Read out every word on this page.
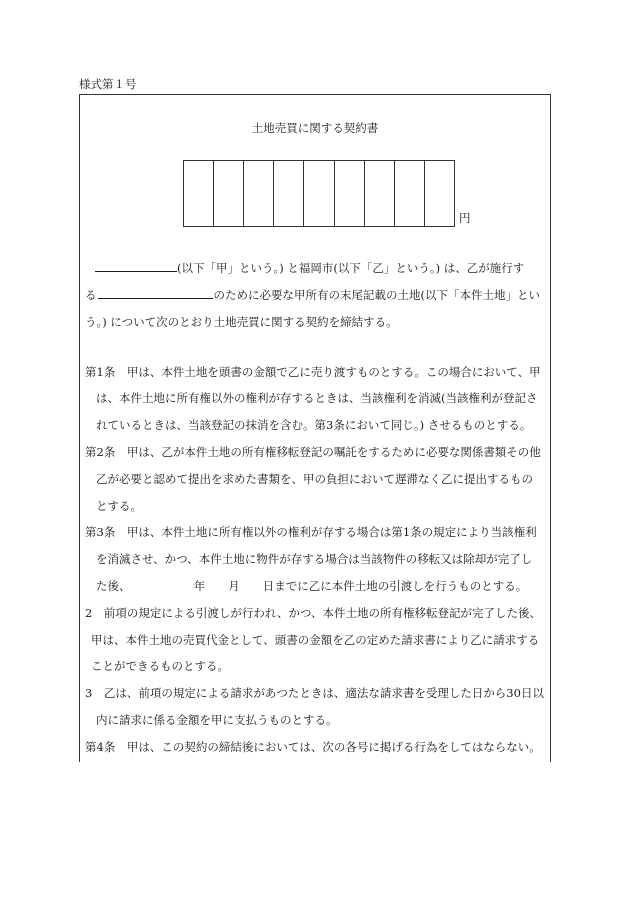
様式第１号
土地売買に関する契約書
円
(以下「甲」という。) と福岡市(以下「乙」という。) は、乙が施行す
る	のために必要な甲所有の末尾記載の土地(以下「本件土地」とい
う。) について次のとおり土地売買に関する契約を締結する。
第1条　甲は、本件土地を頭書の金額で乙に売り渡すものとする。この場合において、甲
は、本件土地に所有権以外の権利が存するときは、当該権利を消滅(当該権利が登記さ
れているときは、当該登記の抹消を含む。第3条において同じ。) させるものとする。
第2条　甲は、乙が本件土地の所有権移転登記の嘱託をするために必要な関係書類その他
乙が必要と認めて提出を求めた書類を、甲の負担において遅滞なく乙に提出するもの
とする。
第3条　甲は、本件土地に所有権以外の権利が存する場合は第1条の規定により当該権利
を消滅させ、かつ、本件土地に物件が存する場合は当該物件の移転又は除却が完了し
た後、　　　　　　年　　月　　日までに乙に本件土地の引渡しを行うものとする。
2　前項の規定による引渡しが行われ、かつ、本件土地の所有権移転登記が完了した後、
甲は、本件土地の売買代金として、頭書の金額を乙の定めた請求書により乙に請求する
ことができるものとする。
3　乙は、前項の規定による請求があつたときは、適法な請求書を受理した日から30日以
内に請求に係る金額を甲に支払うものとする。
第4条　甲は、この契約の締結後においては、次の各号に掲げる行為をしてはならない。
